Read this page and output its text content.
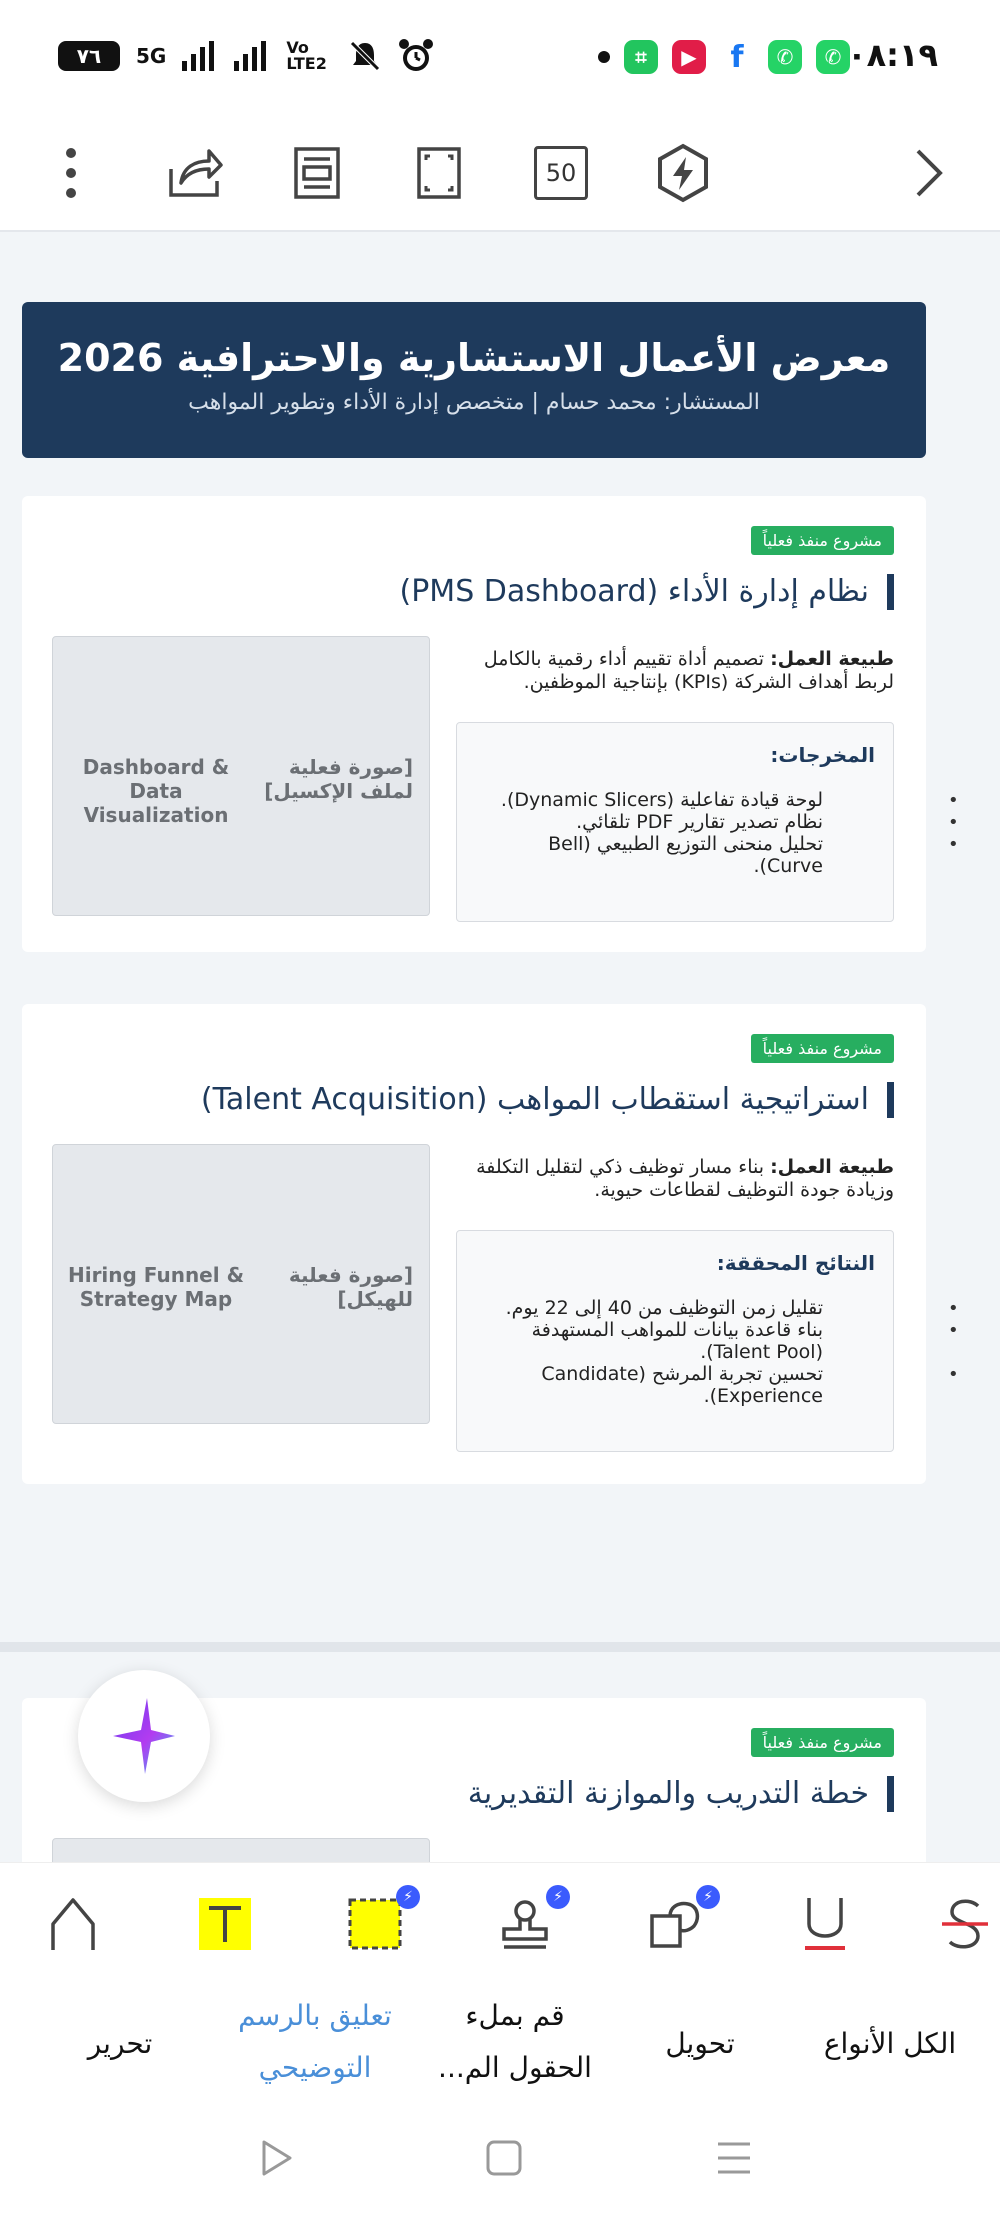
٧٦ 5G	Vo LTE2	⌗	▶	f	✆	✆ ٠٨:١٩
50
معرض الأعمال الاستشارية والاحترافية 2026

المستشار: محمد حسام | متخصص إدارة الأداء وتطوير المواهب

مشروع منفذ فعلياً
نظام إدارة الأداء (PMS Dashboard)
[صورة فعلية لملف الإكسيل]
Dashboard & Data Visualization
طبيعة العمل: تصميم أداة تقييم أداء رقمية بالكامل لربط أهداف الشركة (KPIs) بإنتاجية الموظفين.
المخرجات:
لوحة قيادة تفاعلية (Dynamic Slicers).
نظام تصدير تقارير PDF تلقائي.
تحليل منحنى التوزيع الطبيعي (Bell Curve).
•
•
•
مشروع منفذ فعلياً
استراتيجية استقطاب المواهب (Talent Acquisition)
[صورة فعلية للهيكل]
Hiring Funnel & Strategy Map
طبيعة العمل: بناء مسار توظيف ذكي لتقليل التكلفة وزيادة جودة التوظيف لقطاعات حيوية.
النتائج المحققة:
تقليل زمن التوظيف من 40 إلى 22 يوم.
بناء قاعدة بيانات للمواهب المستهدفة (Talent Pool).
تحسين تجربة المرشح (Candidate Experience).
•
•

•
مشروع منفذ فعلياً
خطة التدريب والموازنة التقديرية
⚡	⚡	⚡
الكل الأنواع
تحويل
قم بملء الحقول الم...
تعليق بالرسم التوضيحي
تحرير
